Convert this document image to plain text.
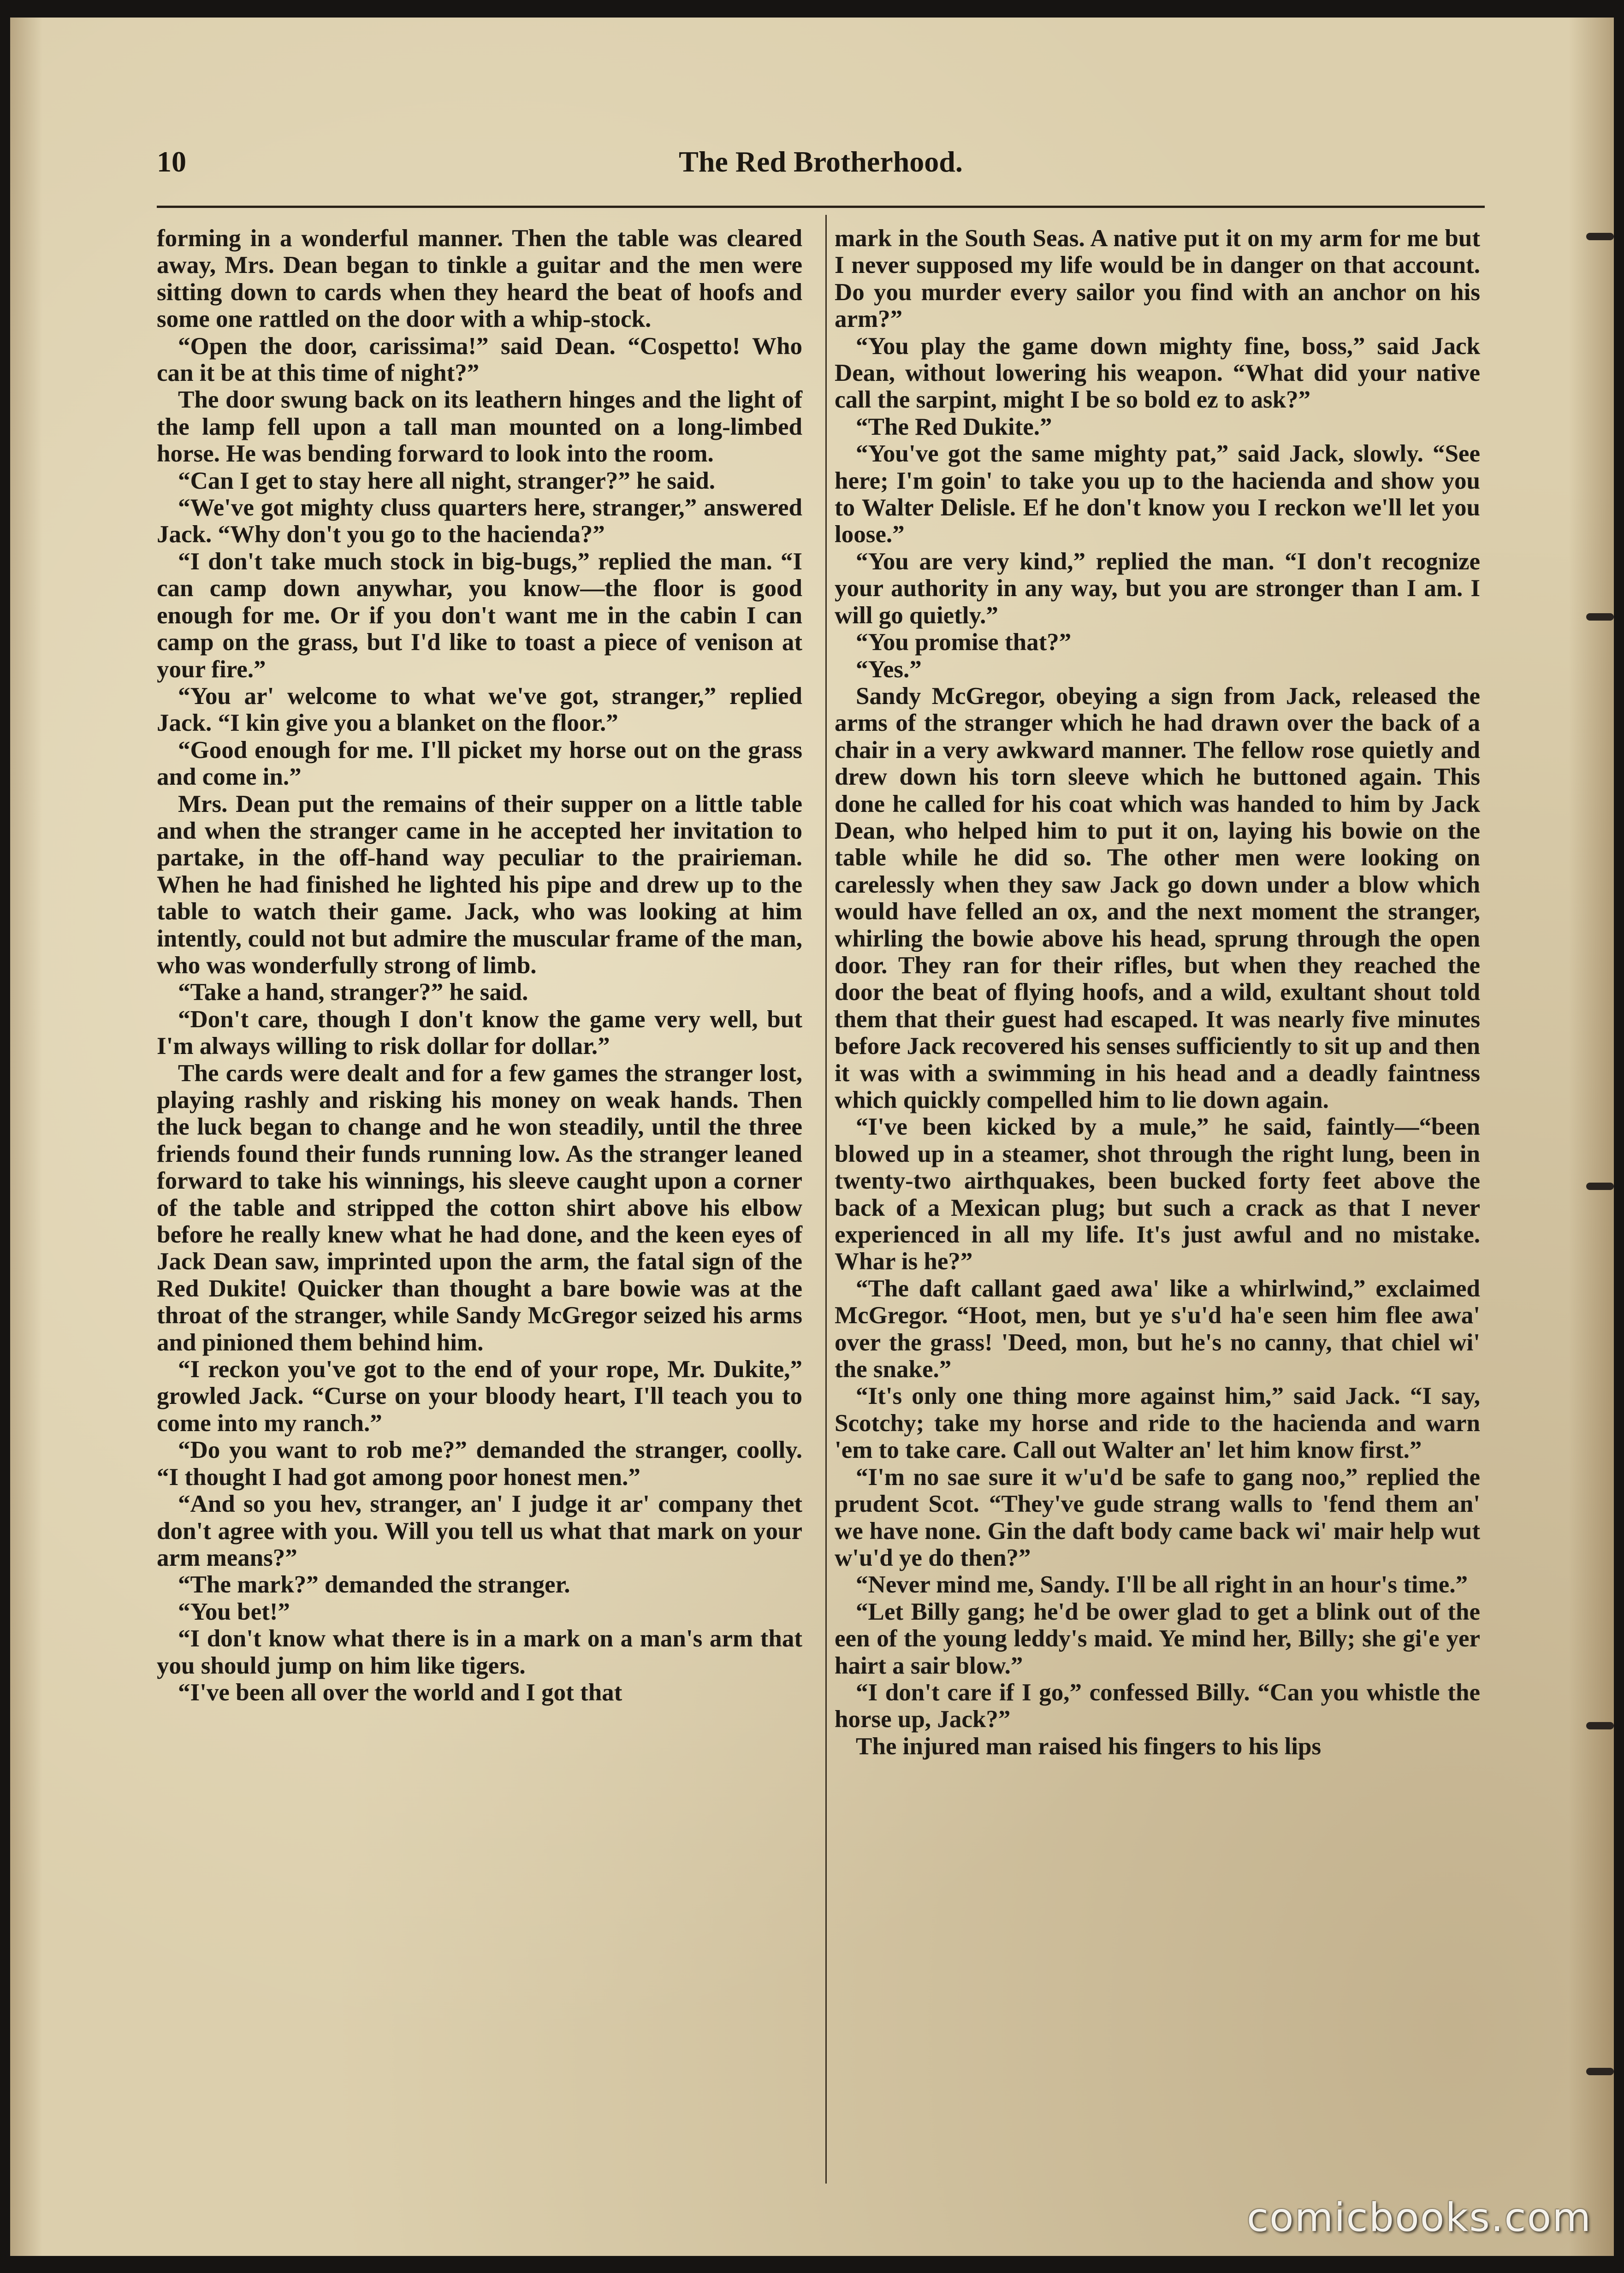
10	The Red Brotherhood.

forming in a wonderful manner. Then the table was cleared away, Mrs. Dean began to tinkle a guitar and the men were sitting down to cards when they heard the beat of hoofs and some one rattled on the door with a whip-stock.

“Open the door, carissima!” said Dean. “Cospetto! Who can it be at this time of night?”

The door swung back on its leathern hinges and the light of the lamp fell upon a tall man mounted on a long-limbed horse. He was bending forward to look into the room.

“Can I get to stay here all night, stranger?” he said.

“We've got mighty cluss quarters here, stranger,” answered Jack. “Why don't you go to the hacienda?”

“I don't take much stock in big-bugs,” replied the man. “I can camp down anywhar, you know—the floor is good enough for me. Or if you don't want me in the cabin I can camp on the grass, but I'd like to toast a piece of venison at your fire.”

“You ar' welcome to what we've got, stranger,” replied Jack. “I kin give you a blanket on the floor.”

“Good enough for me. I'll picket my horse out on the grass and come in.”

Mrs. Dean put the remains of their supper on a little table and when the stranger came in he accepted her invitation to partake, in the off-hand way peculiar to the prairieman. When he had finished he lighted his pipe and drew up to the table to watch their game. Jack, who was looking at him intently, could not but admire the muscular frame of the man, who was wonderfully strong of limb.

“Take a hand, stranger?” he said.

“Don't care, though I don't know the game very well, but I'm always willing to risk dollar for dollar.”

The cards were dealt and for a few games the stranger lost, playing rashly and risking his money on weak hands. Then the luck began to change and he won steadily, until the three friends found their funds running low. As the stranger leaned forward to take his winnings, his sleeve caught upon a corner of the table and stripped the cotton shirt above his elbow before he really knew what he had done, and the keen eyes of Jack Dean saw, imprinted upon the arm, the fatal sign of the Red Dukite! Quicker than thought a bare bowie was at the throat of the stranger, while Sandy McGregor seized his arms and pinioned them behind him.

“I reckon you've got to the end of your rope, Mr. Dukite,” growled Jack. “Curse on your bloody heart, I'll teach you to come into my ranch.”

“Do you want to rob me?” demanded the stranger, coolly. “I thought I had got among poor honest men.”

“And so you hev, stranger, an' I judge it ar' company thet don't agree with you. Will you tell us what that mark on your arm means?”

“The mark?” demanded the stranger.

“You bet!”

“I don't know what there is in a mark on a man's arm that you should jump on him like tigers.

“I've been all over the world and I got that

mark in the South Seas. A native put it on my arm for me but I never supposed my life would be in danger on that account. Do you murder every sailor you find with an anchor on his arm?”

“You play the game down mighty fine, boss,” said Jack Dean, without lowering his weapon. “What did your native call the sarpint, might I be so bold ez to ask?”

“The Red Dukite.”

“You've got the same mighty pat,” said Jack, slowly. “See here; I'm goin' to take you up to the hacienda and show you to Walter Delisle. Ef he don't know you I reckon we'll let you loose.”

“You are very kind,” replied the man. “I don't recognize your authority in any way, but you are stronger than I am. I will go quietly.”

“You promise that?”

“Yes.”

Sandy McGregor, obeying a sign from Jack, released the arms of the stranger which he had drawn over the back of a chair in a very awkward manner. The fellow rose quietly and drew down his torn sleeve which he buttoned again. This done he called for his coat which was handed to him by Jack Dean, who helped him to put it on, laying his bowie on the table while he did so. The other men were looking on carelessly when they saw Jack go down under a blow which would have felled an ox, and the next moment the stranger, whirling the bowie above his head, sprung through the open door. They ran for their rifles, but when they reached the door the beat of flying hoofs, and a wild, exultant shout told them that their guest had escaped. It was nearly five minutes before Jack recovered his senses sufficiently to sit up and then it was with a swimming in his head and a deadly faintness which quickly compelled him to lie down again.

“I've been kicked by a mule,” he said, faintly—“been blowed up in a steamer, shot through the right lung, been in twenty-two airthquakes, been bucked forty feet above the back of a Mexican plug; but such a crack as that I never experienced in all my life. It's just awful and no mistake. Whar is he?”

“The daft callant gaed awa' like a whirlwind,” exclaimed McGregor. “Hoot, men, but ye s'u'd ha'e seen him flee awa' over the grass! 'Deed, mon, but he's no canny, that chiel wi' the snake.”

“It's only one thing more against him,” said Jack. “I say, Scotchy; take my horse and ride to the hacienda and warn 'em to take care. Call out Walter an' let him know first.”

“I'm no sae sure it w'u'd be safe to gang noo,” replied the prudent Scot. “They've gude strang walls to 'fend them an' we have none. Gin the daft body came back wi' mair help wut w'u'd ye do then?”

“Never mind me, Sandy. I'll be all right in an hour's time.”

“Let Billy gang; he'd be ower glad to get a blink out of the een of the young leddy's maid. Ye mind her, Billy; she gi'e yer hairt a sair blow.”

“I don't care if I go,” confessed Billy. “Can you whistle the horse up, Jack?”

The injured man raised his fingers to his lips

comicbooks.com
